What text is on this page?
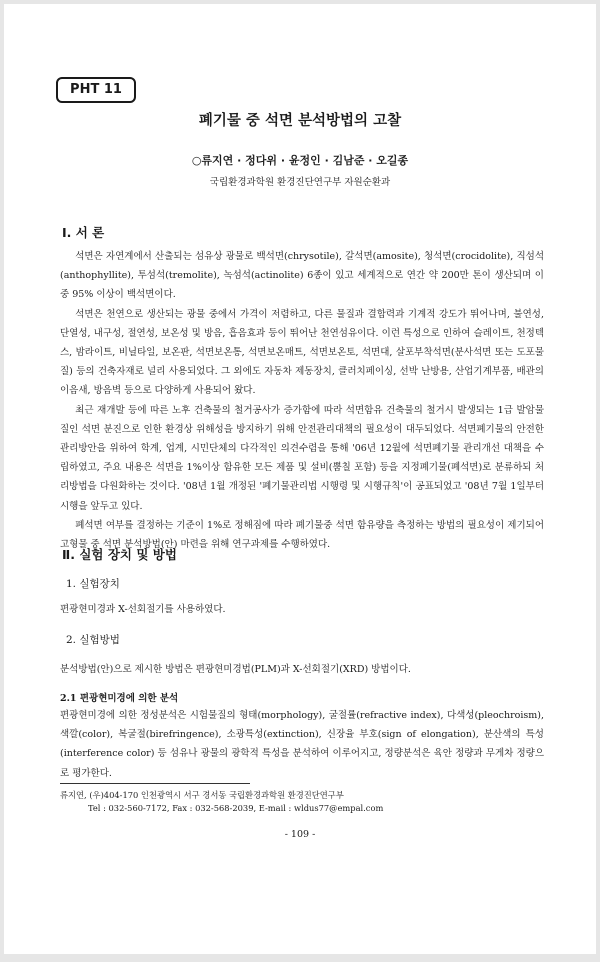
PHT 11
폐기물 중 석면 분석방법의 고찰
○류지연 · 정다위 · 윤정인 · 김남준 · 오길종
국립환경과학원 환경진단연구부 자원순환과
Ⅰ. 서 론

석면은 자연계에서 산출되는 섬유상 광물로 백석면(chrysotile), 갈석면(amosite), 청석면(crocidolite), 직섬석(anthophyllite), 투섬석(tremolite), 녹섬석(actinolite) 6종이 있고 세계적으로 연간 약 200만 톤이 생산되며 이중 95% 이상이 백석면이다.

석면은 천연으로 생산되는 광물 중에서 가격이 저렴하고, 다른 물질과 결합력과 기계적 강도가 뛰어나며, 불연성, 단열성, 내구성, 절연성, 보온성 및 방음, 흡음효과 등이 뛰어난 천연섬유이다. 이런 특성으로 인하여 슬레이트, 천정텍스, 밤라이트, 비닐타일, 보온판, 석면보온통, 석면보온매트, 석면보온토, 석면대, 살포부착석면(분사석면 또는 도포물질) 등의 건축자재로 널리 사용되었다. 그 외에도 자동차 제동장치, 클러치페이싱, 선박 난방용, 산업기계부품, 배관의 이음새, 방음벽 등으로 다양하게 사용되어 왔다.

최근 재개발 등에 따른 노후 건축물의 철거공사가 증가함에 따라 석면함유 건축물의 철거시 발생되는 1급 발암물질인 석면 분진으로 인한 환경상 위해성을 방지하기 위해 안전관리대책의 필요성이 대두되었다. 석면폐기물의 안전한 관리방안을 위하여 학계, 업계, 시민단체의 다각적인 의견수렴을 통해 '06년 12월에 석면폐기물 관리개선 대책을 수립하였고, 주요 내용은 석면을 1%이상 함유한 모든 제품 및 설비(뿜칠 포함) 등을 지정폐기물(폐석면)로 분류하되 처리방법을 다원화하는 것이다. '08년 1월 개정된 '폐기물관리법 시행령 및 시행규칙'이 공표되었고 '08년 7월 1일부터 시행을 앞두고 있다.

폐석면 여부를 결정하는 기준이 1%로 정해짐에 따라 폐기물중 석면 함유량을 측정하는 방법의 필요성이 제기되어 고형물 중 석면 분석방법(안) 마련을 위해 연구과제를 수행하였다.

Ⅱ. 실험 장치 및 방법
1. 실험장치

편광현미경과 X-선회절기를 사용하였다.

2. 실험방법

분석방법(안)으로 제시한 방법은 편광현미경법(PLM)과 X-선회절기(XRD) 방법이다.

2.1 편광현미경에 의한 분석

편광현미경에 의한 정성분석은 시험물질의 형태(morphology), 굴절률(refractive index), 다색성(pleochroism), 색깔(color), 복굴절(birefringence), 소광특성(extinction), 신장율 부호(sign of elongation), 분산색의 특성(interference color) 등 섬유나 광물의 광학적 특성을 분석하여 이루어지고, 정량분석은 육안 정량과 무게차 정량으로 평가한다.

류지연, (우)404-170 인천광역시 서구 경서동 국립환경과학원 환경진단연구부
Tel : 032-560-7172, Fax : 032-568-2039, E-mail : wldus77@empal.com
- 109 -
